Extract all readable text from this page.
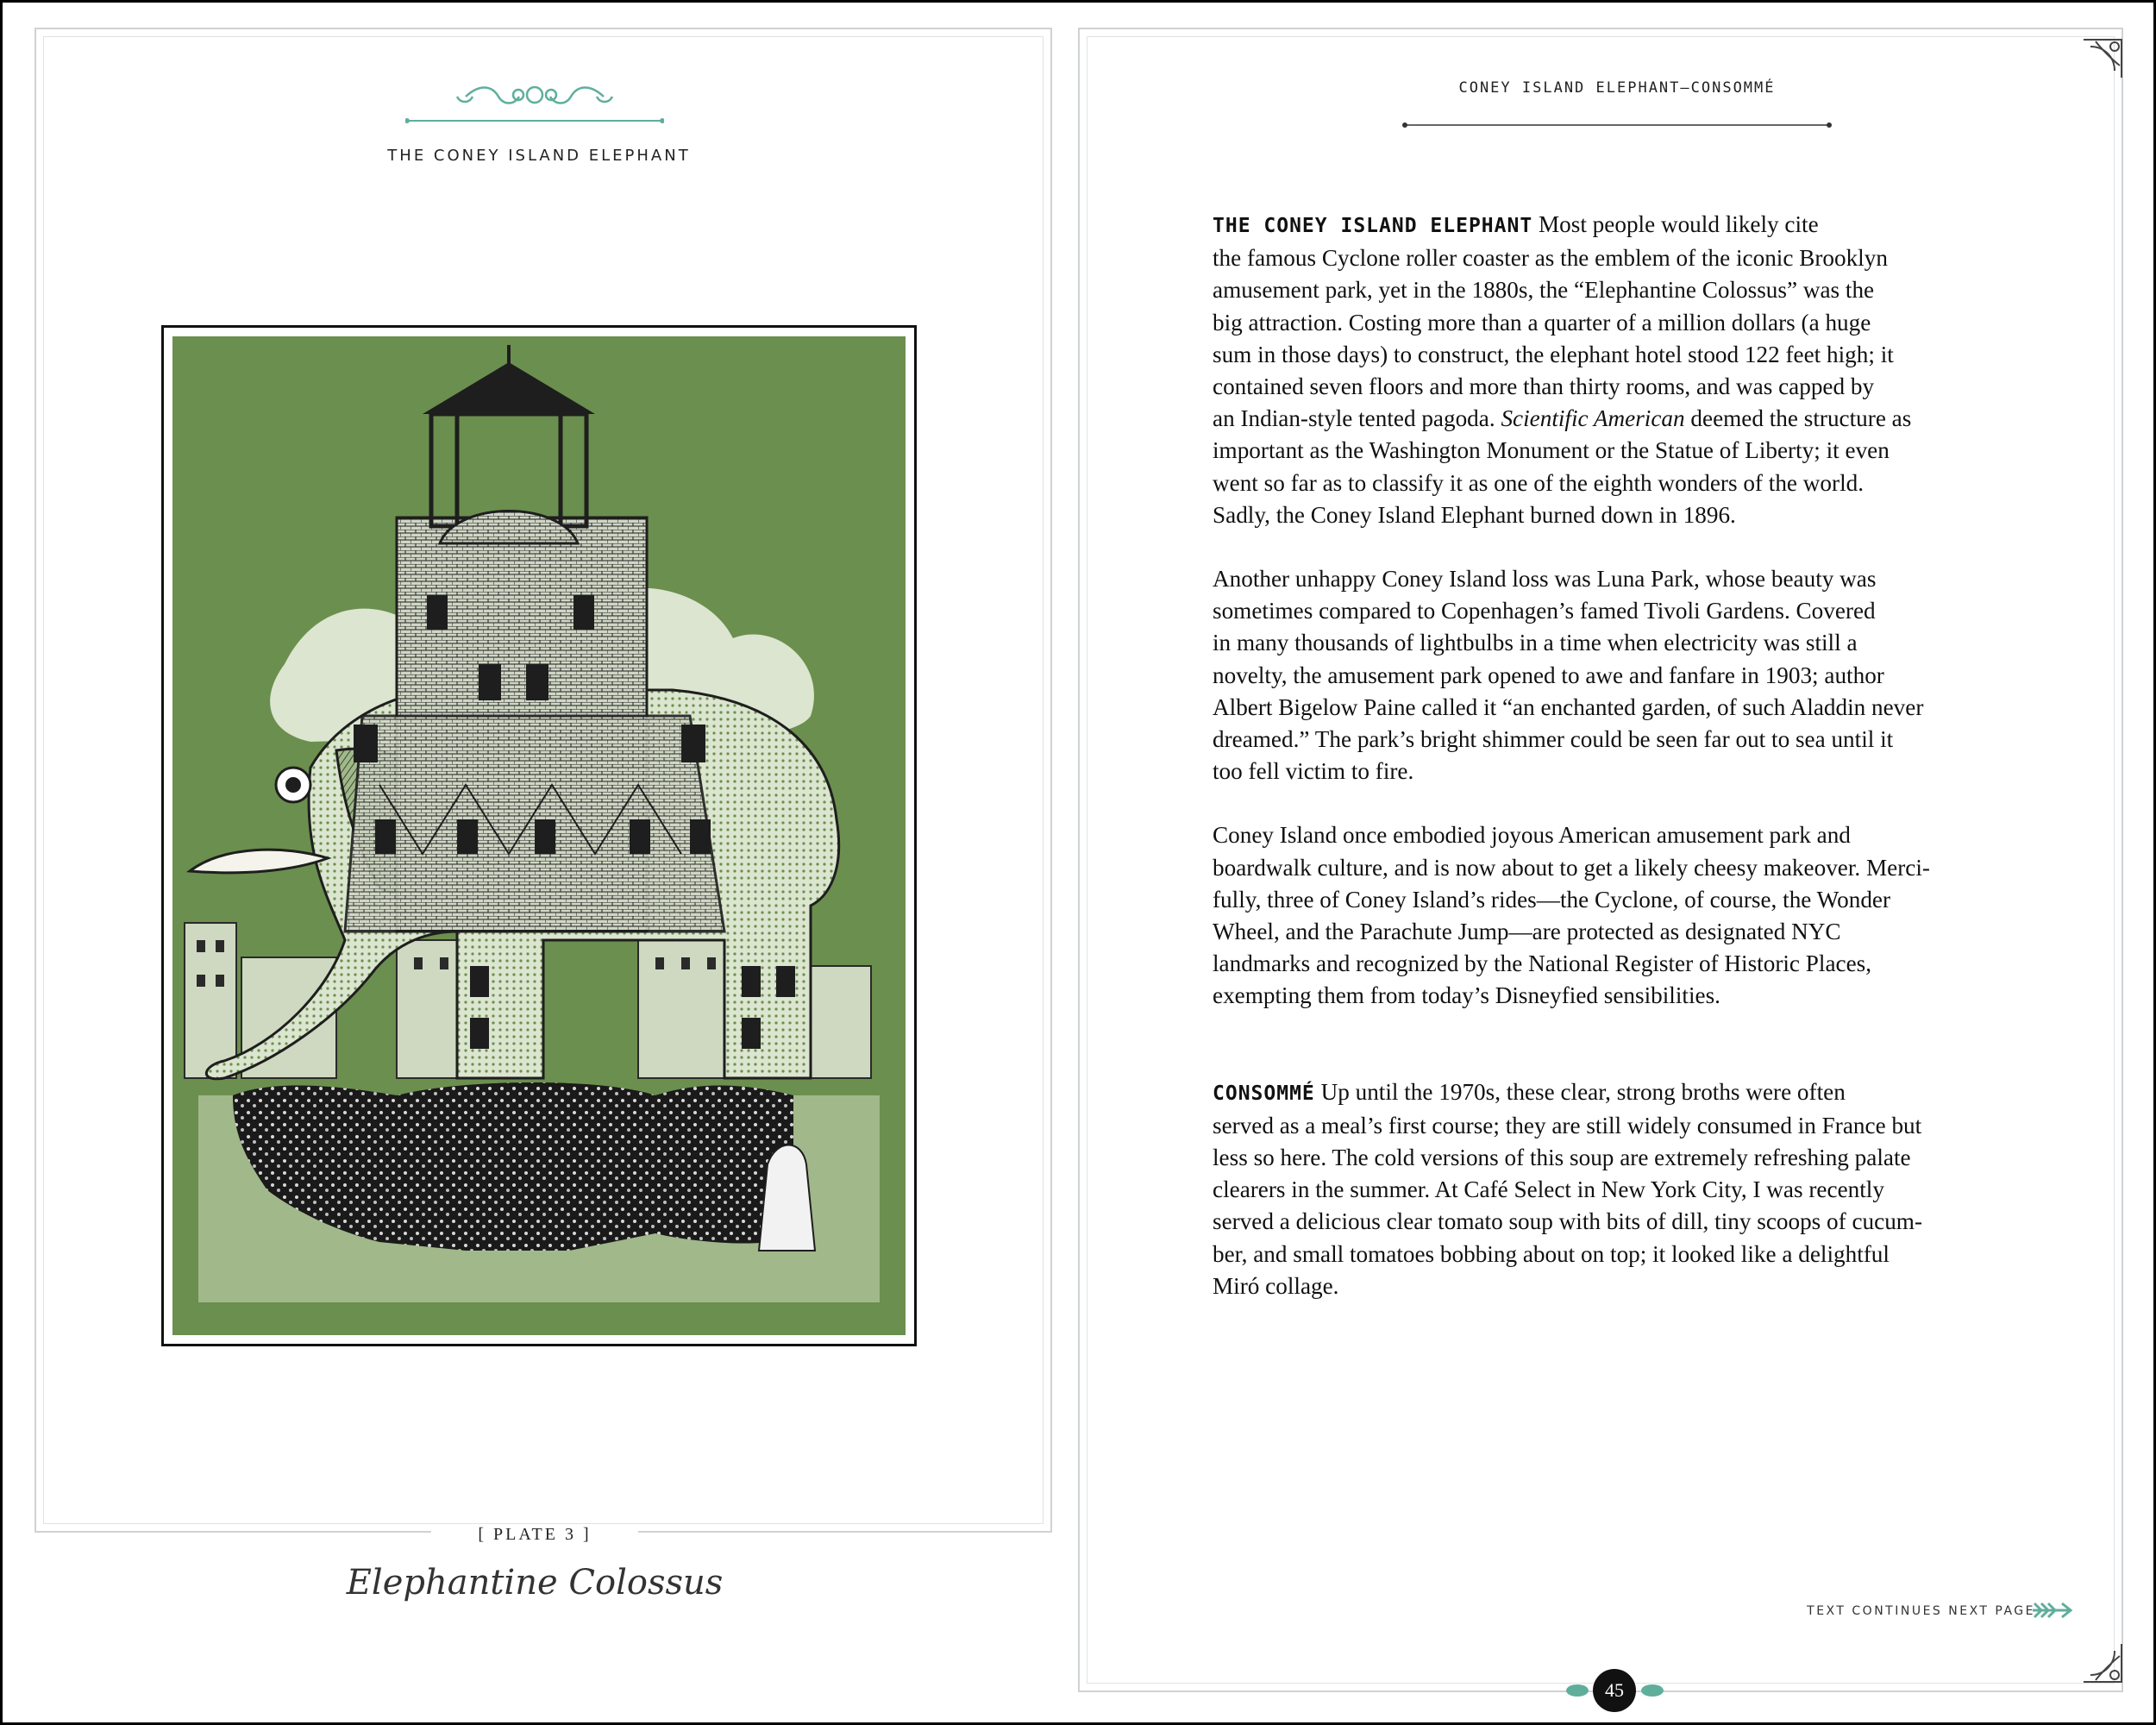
THE CONEY ISLAND ELEPHANT
[ PLATE 3 ]
Elephantine Colossus
CONEY ISLAND ELEPHANT–CONSOMMÉ

THE CONEY ISLAND ELEPHANT Most people would likely cite
the famous Cyclone roller coaster as the emblem of the iconic Brooklyn
amusement park, yet in the 1880s, the “Elephantine Colossus” was the
big attraction. Costing more than a quarter of a million dollars (a huge
sum in those days) to construct, the elephant hotel stood 122 feet high; it
contained seven floors and more than thirty rooms, and was capped by
an Indian-style tented pagoda. Scientific American deemed the structure as
important as the Washington Monument or the Statue of Liberty; it even
went so far as to classify it as one of the eighth wonders of the world.
Sadly, the Coney Island Elephant burned down in 1896.

Another unhappy Coney Island loss was Luna Park, whose beauty was
sometimes compared to Copenhagen’s famed Tivoli Gardens. Covered
in many thousands of lightbulbs in a time when electricity was still a
novelty, the amusement park opened to awe and fanfare in 1903; author
Albert Bigelow Paine called it “an enchanted garden, of such Aladdin never
dreamed.” The park’s bright shimmer could be seen far out to sea until it
too fell victim to fire.

Coney Island once embodied joyous American amusement park and
boardwalk culture, and is now about to get a likely cheesy makeover. Merci-
fully, three of Coney Island’s rides—the Cyclone, of course, the Wonder
Wheel, and the Parachute Jump—are protected as designated NYC
landmarks and recognized by the National Register of Historic Places,
exempting them from today’s Disneyfied sensibilities.

CONSOMMÉ Up until the 1970s, these clear, strong broths were often
served as a meal’s first course; they are still widely consumed in France but
less so here. The cold versions of this soup are extremely refreshing palate
clearers in the summer. At Café Select in New York City, I was recently
served a delicious clear tomato soup with bits of dill, tiny scoops of cucum-
ber, and small tomatoes bobbing about on top; it looked like a delightful
Miró collage.

TEXT CONTINUES NEXT PAGE
45
